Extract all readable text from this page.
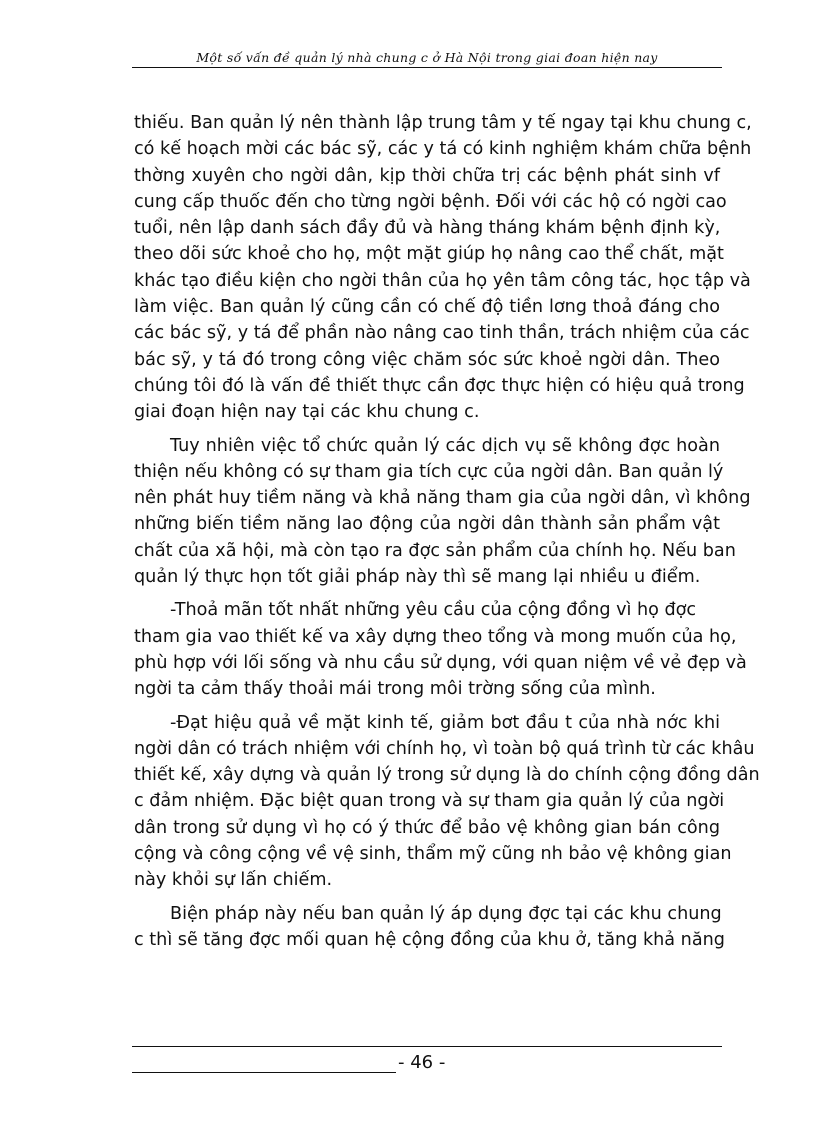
Một số vấn đề quản lý nhà chung c ở Hà Nội trong giai đoan hiện nay
thiếu. Ban quản lý nên thành lập trung tâm y tế ngay tại khu chung c,
có kế hoạch mời các bác sỹ, các y tá có kinh nghiệm khám chữa bệnh
thờng xuyên cho ngời dân, kịp thời chữa trị các bệnh phát sinh vf
cung cấp thuốc đến cho từng ngời bệnh. Đối với các hộ có ngời cao
tuổi, nên lập danh sách đầy đủ và hàng tháng khám bệnh định kỳ,
theo dõi sức khoẻ cho họ, một mặt giúp họ nâng cao thể chất, mặt
khác tạo điều kiện cho ngời thân của họ yên tâm công tác, học tập và
làm việc. Ban quản lý cũng cần có chế độ tiền lơng thoả đáng cho
các bác sỹ, y tá để phần nào nâng cao tinh thần, trách nhiệm của các
bác sỹ, y tá đó trong công việc chăm sóc sức khoẻ ngời dân. Theo
chúng tôi đó là vấn đề thiết thực cần đợc thực hiện có hiệu quả trong
giai đoạn hiện nay tại các khu chung c.
Tuy nhiên việc tổ chức quản lý các dịch vụ sẽ không đợc hoàn
thiện nếu không có sự tham gia tích cực của ngời dân. Ban quản lý
nên phát huy tiềm năng và khả năng tham gia của ngời dân, vì không
những biến tiềm năng lao động của ngời dân thành sản phẩm vật
chất của xã hội, mà còn tạo ra đợc sản phẩm của chính họ. Nếu ban
quản lý thực họn tốt giải pháp này thì sẽ mang lại nhiều u điểm.
-Thoả mãn tốt nhất những yêu cầu của cộng đồng vì họ đợc
tham gia vao thiết kế va xây dựng theo tổng và mong muốn của họ,
phù hợp với lối sống và nhu cầu sử dụng, với quan niệm về vẻ đẹp và
ngời ta cảm thấy thoải mái trong môi trờng sống của mình.
-Đạt hiệu quả về mặt kinh tế, giảm bơt đầu t của nhà nớc khi
ngời dân có trách nhiệm với chính họ, vì toàn bộ quá trình từ các khâu
thiết kế, xây dựng và quản lý trong sử dụng là do chính cộng đồng dân
c đảm nhiệm. Đặc biệt quan trong và sự tham gia quản lý của ngời
dân trong sử dụng vì họ có ý thức để bảo vệ không gian bán công
cộng và công cộng về vệ sinh, thẩm mỹ cũng nh bảo vệ không gian
này khỏi sự lấn chiếm.
Biện pháp này nếu ban quản lý áp dụng đợc tại các khu chung
c thì sẽ tăng đợc mối quan hệ cộng đồng của khu ở, tăng khả năng
- 46 -
